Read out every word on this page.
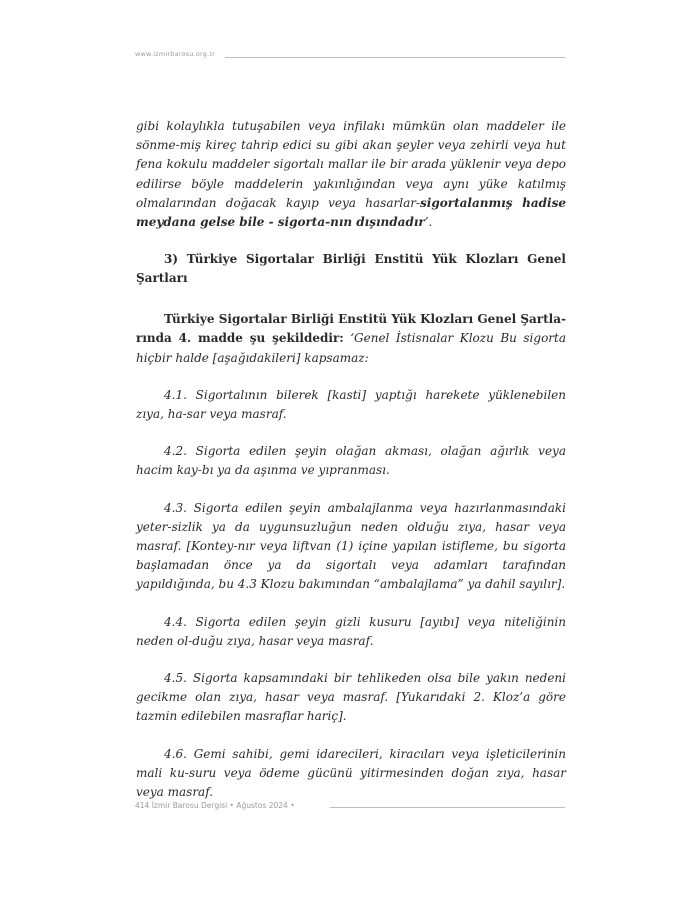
www.izmirbarosu.org.tr

gibi kolaylıkla tutuşabilen veya infilakı mümkün olan maddeler ile sönme-miş kireç tahrip edici su gibi akan şeyler veya zehirli veya hut fena kokulu maddeler sigortalı mallar ile bir arada yüklenir veya depo edilirse böyle maddelerin yakınlığından veya aynı yüke katılmış olmalarından doğacak kayıp veya hasarlar-sigortalanmış hadise meydana gelse bile - sigorta-nın dışındadır’.

3) Türkiye Sigortalar Birliği Enstitü Yük Klozları Genel Şartları

Türkiye Sigortalar Birliği Enstitü Yük Klozları Genel Şartla-rında 4. madde şu şekildedir: ‘Genel İstisnalar Klozu Bu sigorta hiçbir halde [aşağıdakileri] kapsamaz:

4.1. Sigortalının bilerek [kasti] yaptığı harekete yüklenebilen zıya, ha-sar veya masraf.

4.2. Sigorta edilen şeyin olağan akması, olağan ağırlık veya hacim kay-bı ya da aşınma ve yıpranması.

4.3. Sigorta edilen şeyin ambalajlanma veya hazırlanmasındaki yeter-sizlik ya da uygunsuzluğun neden olduğu zıya, hasar veya masraf. [Kontey-nır veya liftvan (1) içine yapılan istifleme, bu sigorta başlamadan önce ya da sigortalı veya adamları tarafından yapıldığında, bu 4.3 Klozu bakımından “ambalajlama” ya dahil sayılır].

4.4. Sigorta edilen şeyin gizli kusuru [ayıbı] veya niteliğinin neden ol-duğu zıya, hasar veya masraf.

4.5. Sigorta kapsamındaki bir tehlikeden olsa bile yakın nedeni gecikme olan zıya, hasar veya masraf. [Yukarıdaki 2. Kloz’a göre tazmin edilebilen masraflar hariç].

4.6. Gemi sahibi, gemi idarecileri, kiracıları veya işleticilerinin mali ku-suru veya ödeme gücünü yitirmesinden doğan zıya, hasar veya masraf.

414 İzmir Barosu Dergisi • Ağustos 2024 •
